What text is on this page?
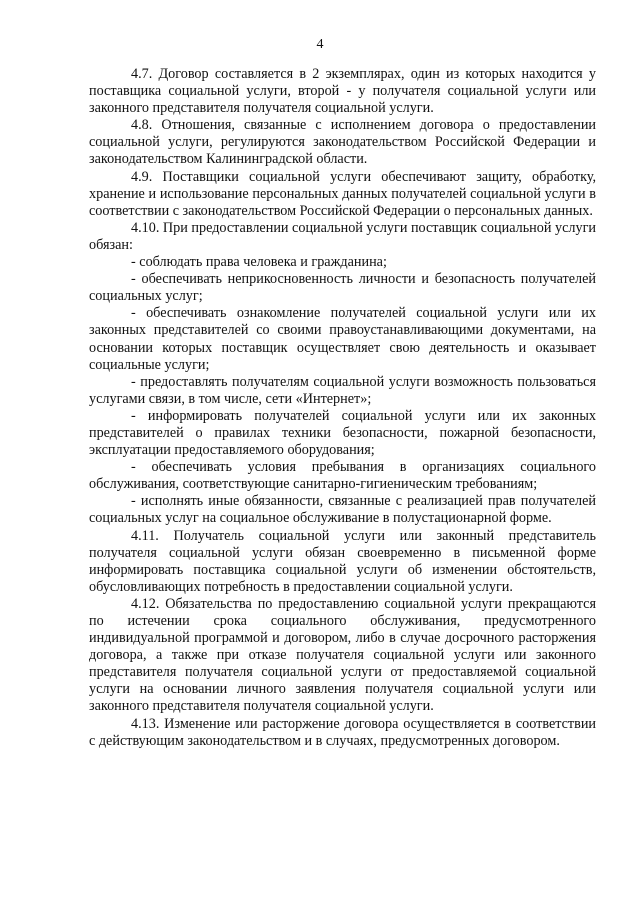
4

4.7. Договор составляется в 2 экземплярах, один из которых находится у поставщика социальной услуги, второй - у получателя социальной услуги или законного представителя получателя социальной услуги.

4.8. Отношения, связанные с исполнением договора о предоставлении социальной услуги, регулируются законодательством Российской Федерации и законодательством Калининградской области.

4.9. Поставщики социальной услуги обеспечивают защиту, обработку, хранение и использование персональных данных получателей социальной услуги в соответствии с законодательством Российской Федерации о персональных данных.

4.10. При предоставлении социальной услуги поставщик социальной услуги обязан:

- соблюдать права человека и гражданина;

- обеспечивать неприкосновенность личности и безопасность получателей социальных услуг;

- обеспечивать ознакомление получателей социальной услуги или их законных представителей со своими правоустанавливающими документами, на основании которых поставщик осуществляет свою деятельность и оказывает социальные услуги;

- предоставлять получателям социальной услуги возможность пользоваться услугами связи, в том числе, сети «Интернет»;

- информировать получателей социальной услуги или их законных представителей о правилах техники безопасности, пожарной безопасности, эксплуатации предоставляемого оборудования;

- обеспечивать условия пребывания в организациях социального обслуживания, соответствующие санитарно-гигиеническим требованиям;

- исполнять иные обязанности, связанные с реализацией прав получателей социальных услуг на социальное обслуживание в полустационарной форме.

4.11. Получатель социальной услуги или законный представитель получателя социальной услуги обязан своевременно в письменной форме информировать поставщика социальной услуги об изменении обстоятельств, обусловливающих потребность в предоставлении социальной услуги.

4.12. Обязательства по предоставлению социальной услуги прекращаются по истечении срока социального обслуживания, предусмотренного индивидуальной программой и договором, либо в случае досрочного расторжения договора, а также при отказе получателя социальной услуги или законного представителя получателя социальной услуги от предоставляемой социальной услуги на основании личного заявления получателя социальной услуги или законного представителя получателя социальной услуги.

4.13. Изменение или расторжение договора осуществляется в соответствии с действующим законодательством и в случаях, предусмотренных договором.
